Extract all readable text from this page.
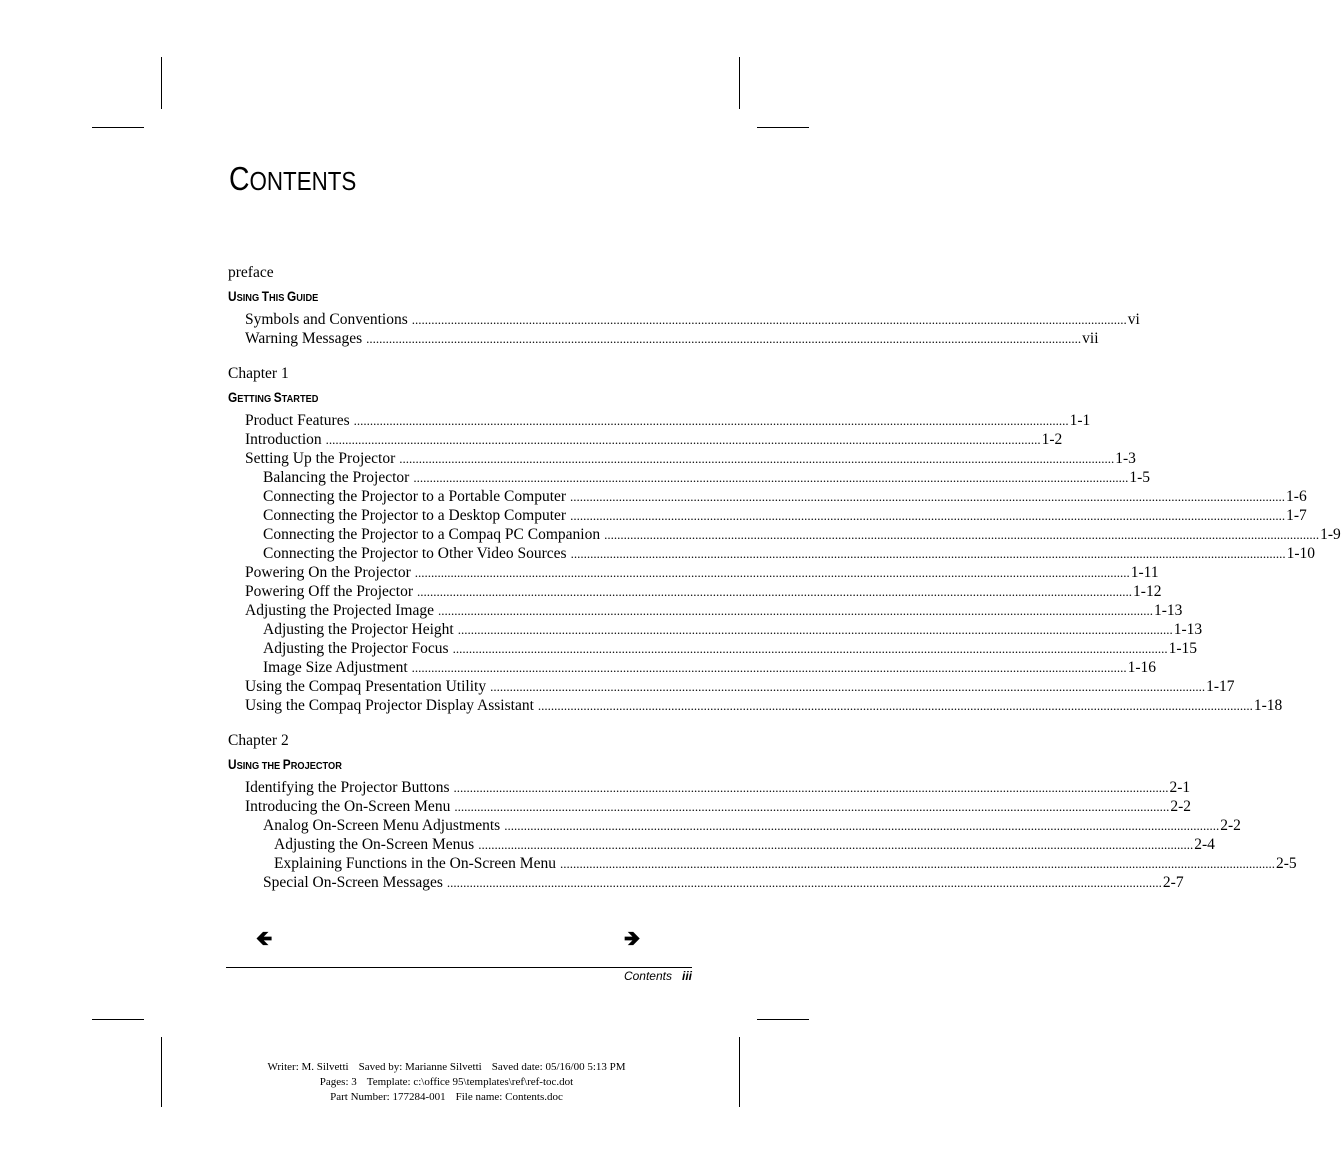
CONTENTS
preface
USING THIS GUIDE
Symbols and Conventions ............................................................................................................................................................................................................................ vi
Warning Messages ............................................................................................................................................................................................................................ vii
Chapter 1
GETTING STARTED
Product Features ............................................................................................................................................................................................................................ 1-1
Introduction ............................................................................................................................................................................................................................ 1-2
Setting Up the Projector ............................................................................................................................................................................................................................ 1-3
Balancing the Projector ............................................................................................................................................................................................................................ 1-5
Connecting the Projector to a Portable Computer ............................................................................................................................................................................................................................ 1-6
Connecting the Projector to a Desktop Computer ............................................................................................................................................................................................................................ 1-7
Connecting the Projector to a Compaq PC Companion ............................................................................................................................................................................................................................ 1-9
Connecting the Projector to Other Video Sources ............................................................................................................................................................................................................................ 1-10
Powering On the Projector ............................................................................................................................................................................................................................ 1-11
Powering Off the Projector ............................................................................................................................................................................................................................ 1-12
Adjusting the Projected Image ............................................................................................................................................................................................................................ 1-13
Adjusting the Projector Height ............................................................................................................................................................................................................................ 1-13
Adjusting the Projector Focus ............................................................................................................................................................................................................................ 1-15
Image Size Adjustment ............................................................................................................................................................................................................................ 1-16
Using the Compaq Presentation Utility ............................................................................................................................................................................................................................ 1-17
Using the Compaq Projector Display Assistant ............................................................................................................................................................................................................................ 1-18
Chapter 2
USING THE PROJECTOR
Identifying the Projector Buttons ............................................................................................................................................................................................................................ 2-1
Introducing the On-Screen Menu ............................................................................................................................................................................................................................ 2-2
Analog On-Screen Menu Adjustments ............................................................................................................................................................................................................................ 2-2
Adjusting the On-Screen Menus ............................................................................................................................................................................................................................ 2-4
Explaining Functions in the On-Screen Menu ............................................................................................................................................................................................................................ 2-5
Special On-Screen Messages ............................................................................................................................................................................................................................ 2-7
🡸	🡺
Contents iii
Writer: M. Silvetti Saved by: Marianne Silvetti Saved date: 05/16/00 5:13 PM
Pages: 3 Template: c:\office 95\templates\ref\ref-toc.dot
Part Number: 177284-001 File name: Contents.doc
